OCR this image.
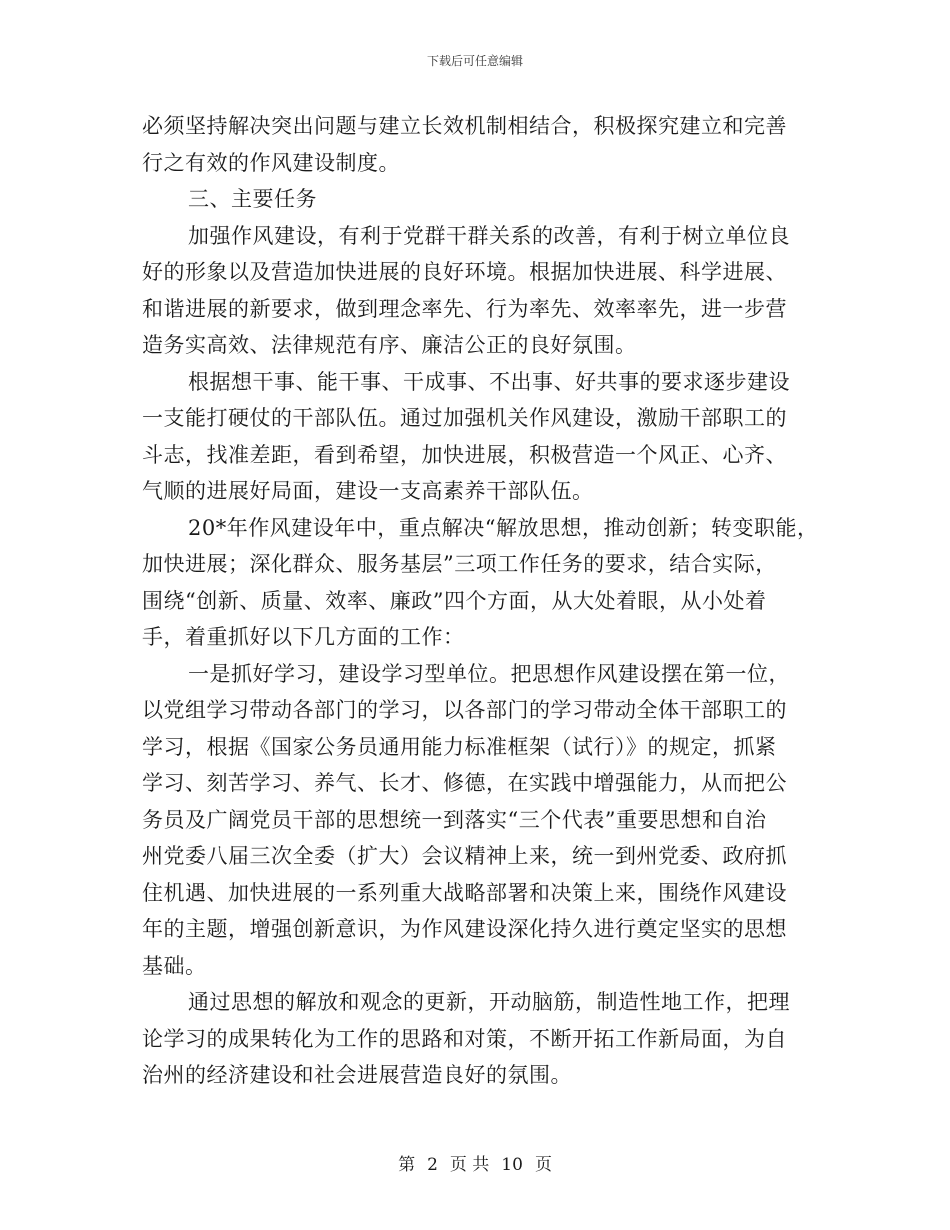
下载后可任意编辑
必须坚持解决突出问题与建立长效机制相结合，积极探究建立和完善
行之有效的作风建设制度。
三、主要任务
加强作风建设，有利于党群干群关系的改善，有利于树立单位良
好的形象以及营造加快进展的良好环境。根据加快进展、科学进展、
和谐进展的新要求，做到理念率先、行为率先、效率率先，进一步营
造务实高效、法律规范有序、廉洁公正的良好氛围。
根据想干事、能干事、干成事、不出事、好共事的要求逐步建设
一支能打硬仗的干部队伍。通过加强机关作风建设，激励干部职工的
斗志，找准差距，看到希望，加快进展，积极营造一个风正、心齐、
气顺的进展好局面，建设一支高素养干部队伍。
20*年作风建设年中，重点解决“解放思想，推动创新；转变职能，
加快进展；深化群众、服务基层”三项工作任务的要求，结合实际，
围绕“创新、质量、效率、廉政”四个方面，从大处着眼，从小处着
手，着重抓好以下几方面的工作：
一是抓好学习，建设学习型单位。把思想作风建设摆在第一位，
以党组学习带动各部门的学习，以各部门的学习带动全体干部职工的
学习，根据《国家公务员通用能力标准框架（试行）》的规定，抓紧
学习、刻苦学习、养气、长才、修德，在实践中增强能力，从而把公
务员及广阔党员干部的思想统一到落实“三个代表”重要思想和自治
州党委八届三次全委（扩大）会议精神上来，统一到州党委、政府抓
住机遇、加快进展的一系列重大战略部署和决策上来，围绕作风建设
年的主题，增强创新意识，为作风建设深化持久进行奠定坚实的思想
基础。
通过思想的解放和观念的更新，开动脑筋，制造性地工作，把理
论学习的成果转化为工作的思路和对策，不断开拓工作新局面，为自
治州的经济建设和社会进展营造良好的氛围。
第 2 页 共 10 页
